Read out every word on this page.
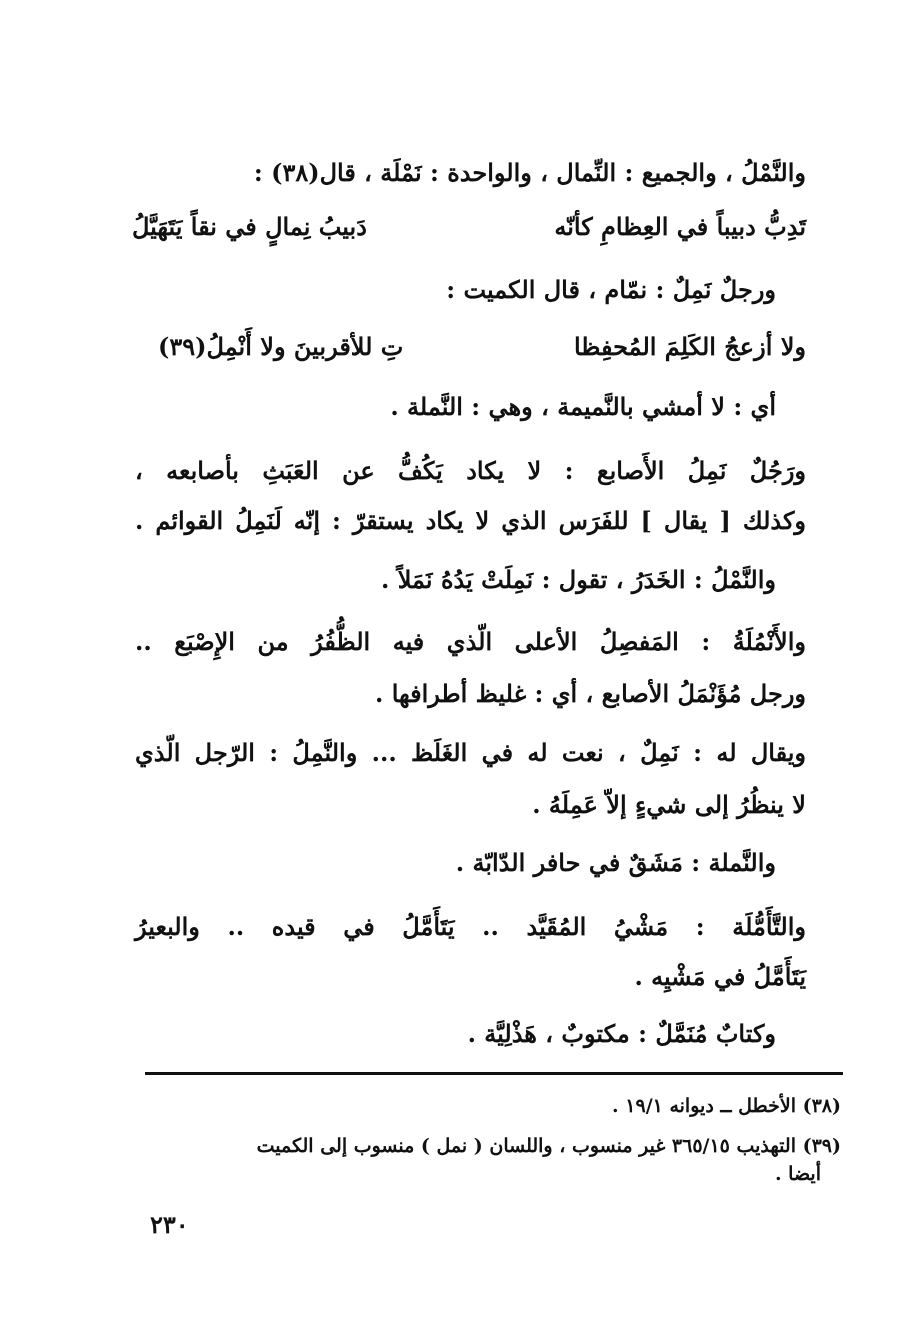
والنَّمْلُ ، والجميع : النِّمال ، والواحدة : نَمْلَة ، قال(٣٨) :
تَدِبُّ دبيباً في العِظامِ كأنّه
دَبيبُ نِمالٍ في نقاً يَتَهَيَّلُ
ورجلٌ نَمِلٌ : نمّام ، قال الكميت :
ولا أزعجُ الكَلِمَ المُحفِظا
تِ للأقربينَ ولا أَنْمِلُ(٣٩)
أي : لا أمشي بالنَّميمة ، وهي : النَّملة .
ورَجُلٌ نَمِلُ الأَصابع : لا يكاد يَكُفُّ عن العَبَثِ بأصابعه ،
وكذلك [ يقال ] للفَرَس الذي لا يكاد يستقرّ : إنّه لَنَمِلُ القوائم .
والنَّمْلُ : الخَدَرُ ، تقول : نَمِلَتْ يَدُهُ نَمَلاً .
والأَنْمُلَةُ : المَفصِلُ الأعلى الّذي فيه الظُّفُرُ من الإِصْبَع ..
ورجل مُؤَنْمَلُ الأصابع ، أي : غليظ أطرافها .
ويقال له : نَمِلٌ ، نعت له في الغَلَظ ... والنَّمِلُ : الرّجل الّذي
لا ينظُرُ إلى شيءٍ إلاّ عَمِلَهُ .
والنَّملة : مَشَقٌ في حافر الدّابّة .
والتَّأَمُّلَة : مَشْيُ المُقَيَّد .. يَتَأَمَّلُ في قيده .. والبعيرُ
يَتَأَمَّلُ في مَشْيِه .
وكتابٌ مُنَمَّلٌ : مكتوبٌ ، هَذْلِيَّة .
(٣٨) الأخطل ــ ديوانه ١٩/١ .
(٣٩) التهذيب ٣٦٥/١٥ غير منسوب ، واللسان ( نمل ) منسوب إلى الكميت
أيضا .
٢٣٠
